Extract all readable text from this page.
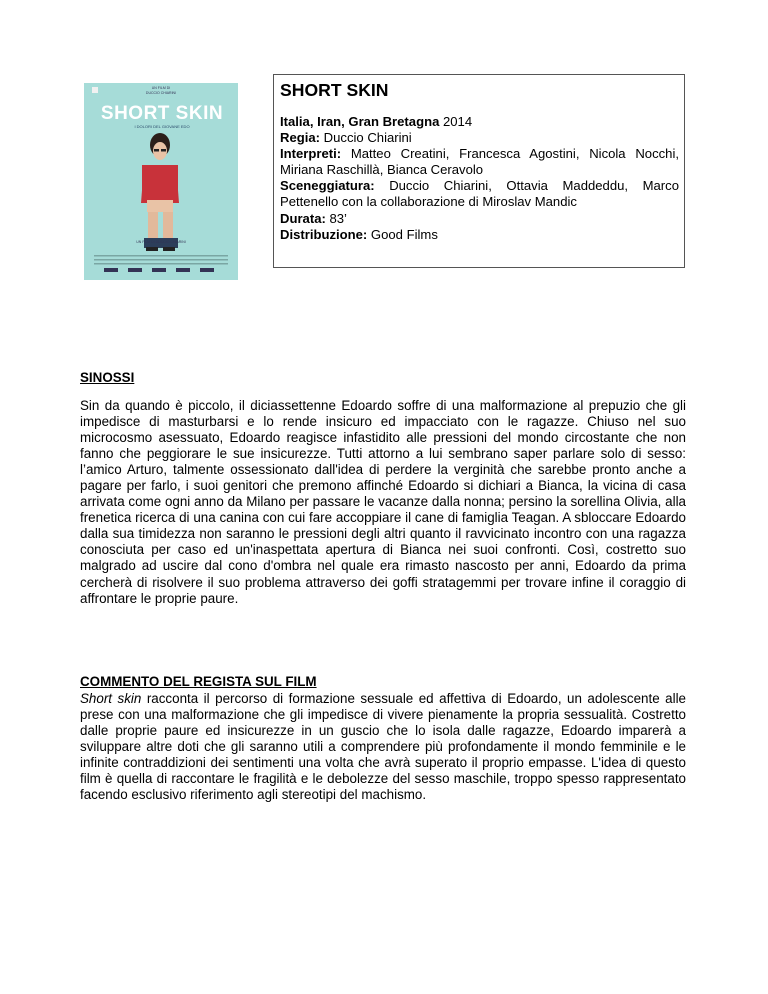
UN FILM DI
DUCCIO CHIARINI
SHORT SKIN
I DOLORI DEL GIOVANE EDO
UN FILM DI DUCCIO CHIARINI
SHORT SKIN
Italia, Iran, Gran Bretagna 2014
Regia: Duccio Chiarini
Interpreti: Matteo Creatini, Francesca Agostini, Nicola Nocchi, Miriana Raschillà, Bianca Ceravolo
Sceneggiatura: Duccio Chiarini, Ottavia Maddeddu, Marco Pettenello con la collaborazione di Miroslav Mandic
Durata: 83’
Distribuzione: Good Films
SINOSSI
Sin da quando è piccolo, il diciassettenne Edoardo soffre di una malformazione al prepuzio che gli impedisce di masturbarsi e lo rende insicuro ed impacciato con le ragazze. Chiuso nel suo microcosmo asessuato, Edoardo reagisce infastidito alle pressioni del mondo circostante che non fanno che peggiorare le sue insicurezze. Tutti attorno a lui sembrano saper parlare solo di sesso: l’amico Arturo, talmente ossessionato dall'idea di perdere la verginità che sarebbe pronto anche a pagare per farlo, i suoi genitori che premono affinché Edoardo si dichiari a Bianca, la vicina di casa arrivata come ogni anno da Milano per passare le vacanze dalla nonna; persino la sorellina Olivia, alla frenetica ricerca di una canina con cui fare accoppiare il cane di famiglia Teagan. A sbloccare Edoardo dalla sua timidezza non saranno le pressioni degli altri quanto il ravvicinato incontro con una ragazza conosciuta per caso ed un'inaspettata apertura di Bianca nei suoi confronti. Così, costretto suo malgrado ad uscire dal cono d'ombra nel quale era rimasto nascosto per anni, Edoardo da prima cercherà di risolvere il suo problema attraverso dei goffi stratagemmi per trovare infine il coraggio di affrontare le proprie paure.
COMMENTO DEL REGISTA SUL FILM
Short skin racconta il percorso di formazione sessuale ed affettiva di Edoardo, un adolescente alle prese con una malformazione che gli impedisce di vivere pienamente la propria sessualità. Costretto dalle proprie paure ed insicurezze in un guscio che lo isola dalle ragazze, Edoardo imparerà a sviluppare altre doti che gli saranno utili a comprendere più profondamente il mondo femminile e le infinite contraddizioni dei sentimenti una volta che avrà superato il proprio empasse. L'idea di questo film è quella di raccontare le fragilità e le debolezze del sesso maschile, troppo spesso rappresentato facendo esclusivo riferimento agli stereotipi del machismo.
